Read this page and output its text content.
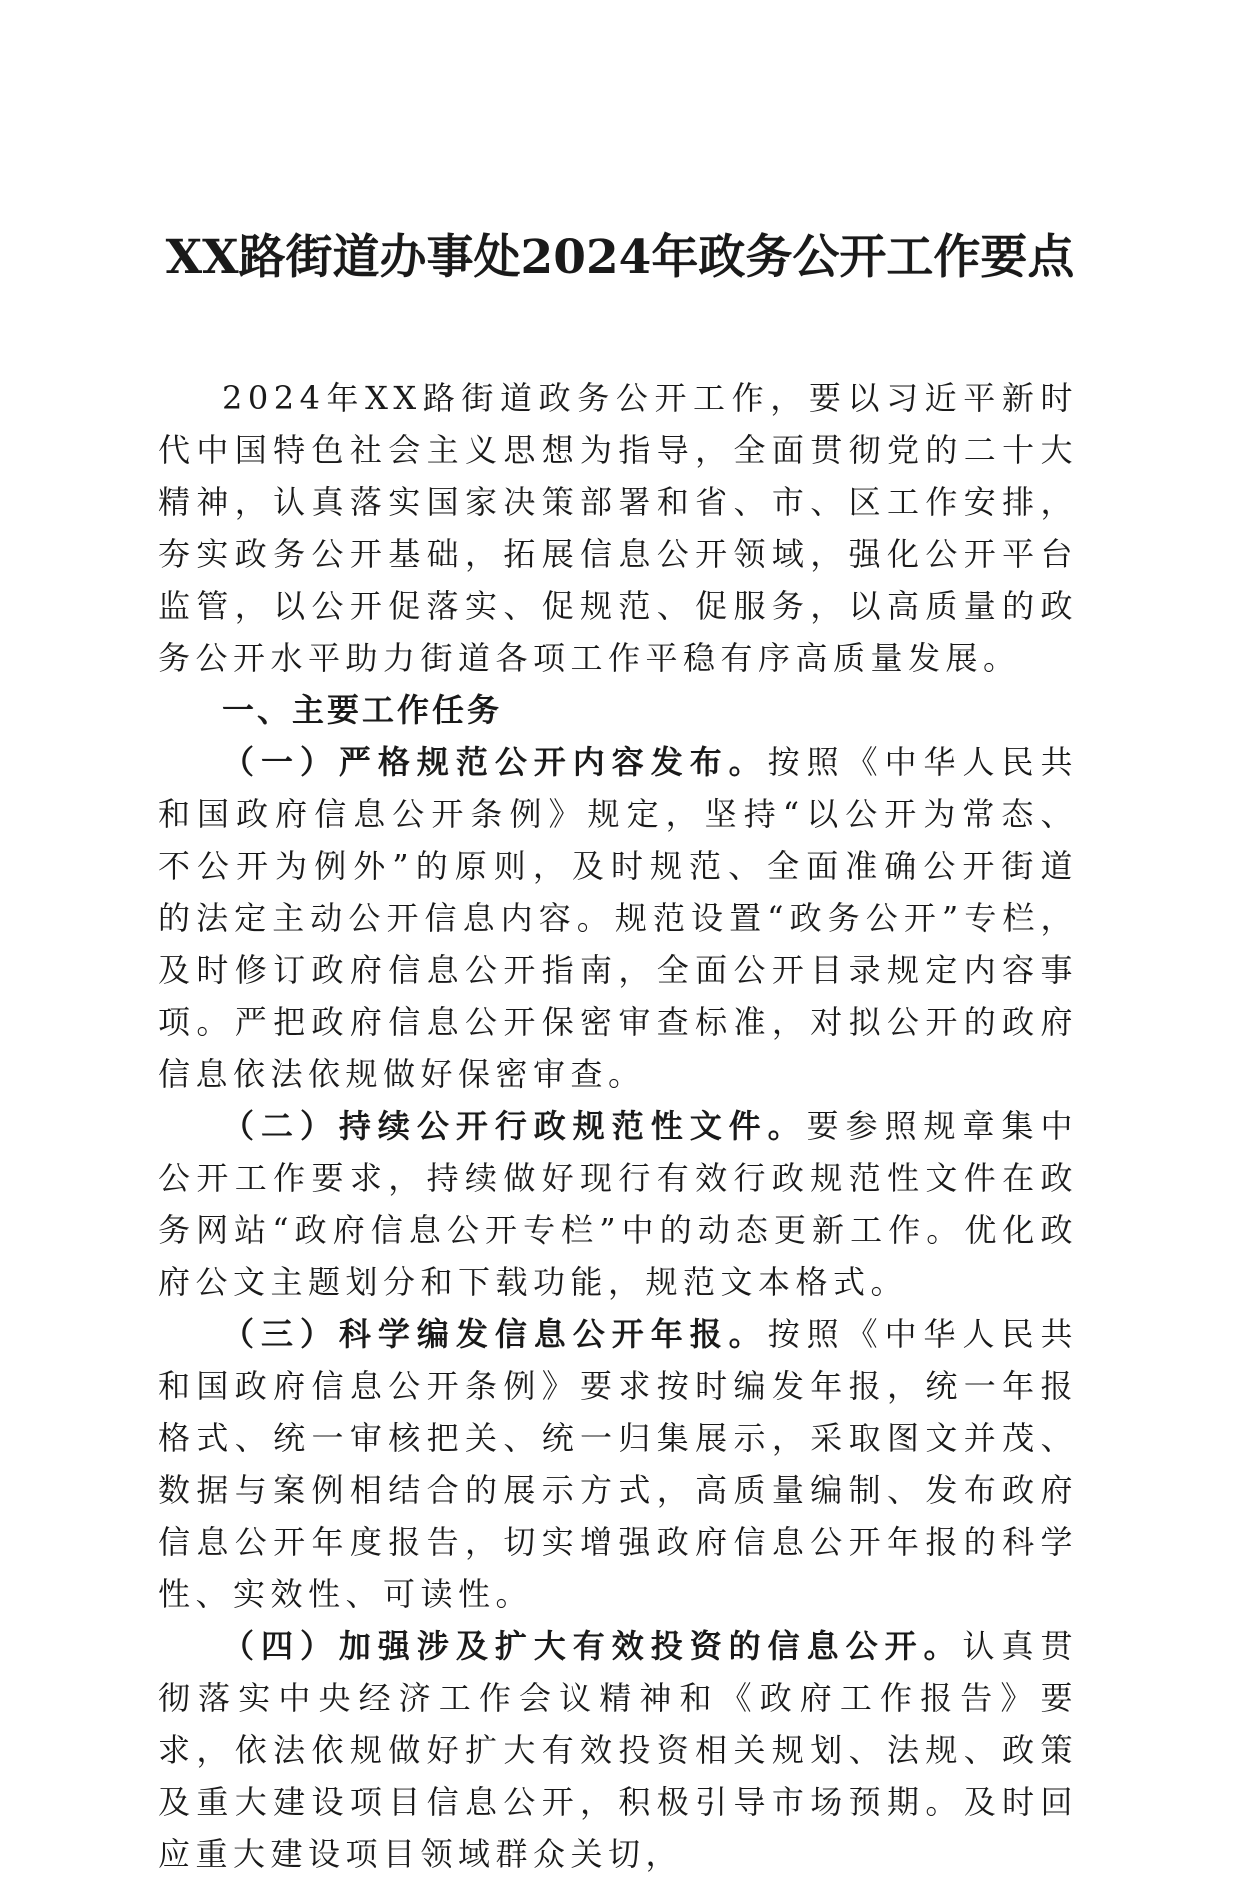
XX路街道办事处2024年政务公开工作要点

2024年XX路街道政务公开工作，要以习近平新时代中国特色社会主义思想为指导，全面贯彻党的二十大精神，认真落实国家决策部署和省、市、区工作安排，夯实政务公开基础，拓展信息公开领域，强化公开平台监管，以公开促落实、促规范、促服务，以高质量的政务公开水平助力街道各项工作平稳有序高质量发展。

一、主要工作任务

（一）严格规范公开内容发布。按照《中华人民共和国政府信息公开条例》规定，坚持“以公开为常态、不公开为例外”的原则，及时规范、全面准确公开街道的法定主动公开信息内容。规范设置“政务公开”专栏，及时修订政府信息公开指南，全面公开目录规定内容事项。严把政府信息公开保密审查标准，对拟公开的政府信息依法依规做好保密审查。

（二）持续公开行政规范性文件。要参照规章集中公开工作要求，持续做好现行有效行政规范性文件在政务网站“政府信息公开专栏”中的动态更新工作。优化政府公文主题划分和下载功能，规范文本格式。

（三）科学编发信息公开年报。按照《中华人民共和国政府信息公开条例》要求按时编发年报，统一年报格式、统一审核把关、统一归集展示，采取图文并茂、数据与案例相结合的展示方式，高质量编制、发布政府信息公开年度报告，切实增强政府信息公开年报的科学性、实效性、可读性。

（四）加强涉及扩大有效投资的信息公开。认真贯彻落实中央经济工作会议精神和《政府工作报告》要求，依法依规做好扩大有效投资相关规划、法规、政策及重大建设项目信息公开，积极引导市场预期。及时回应重大建设项目领域群众关切，
